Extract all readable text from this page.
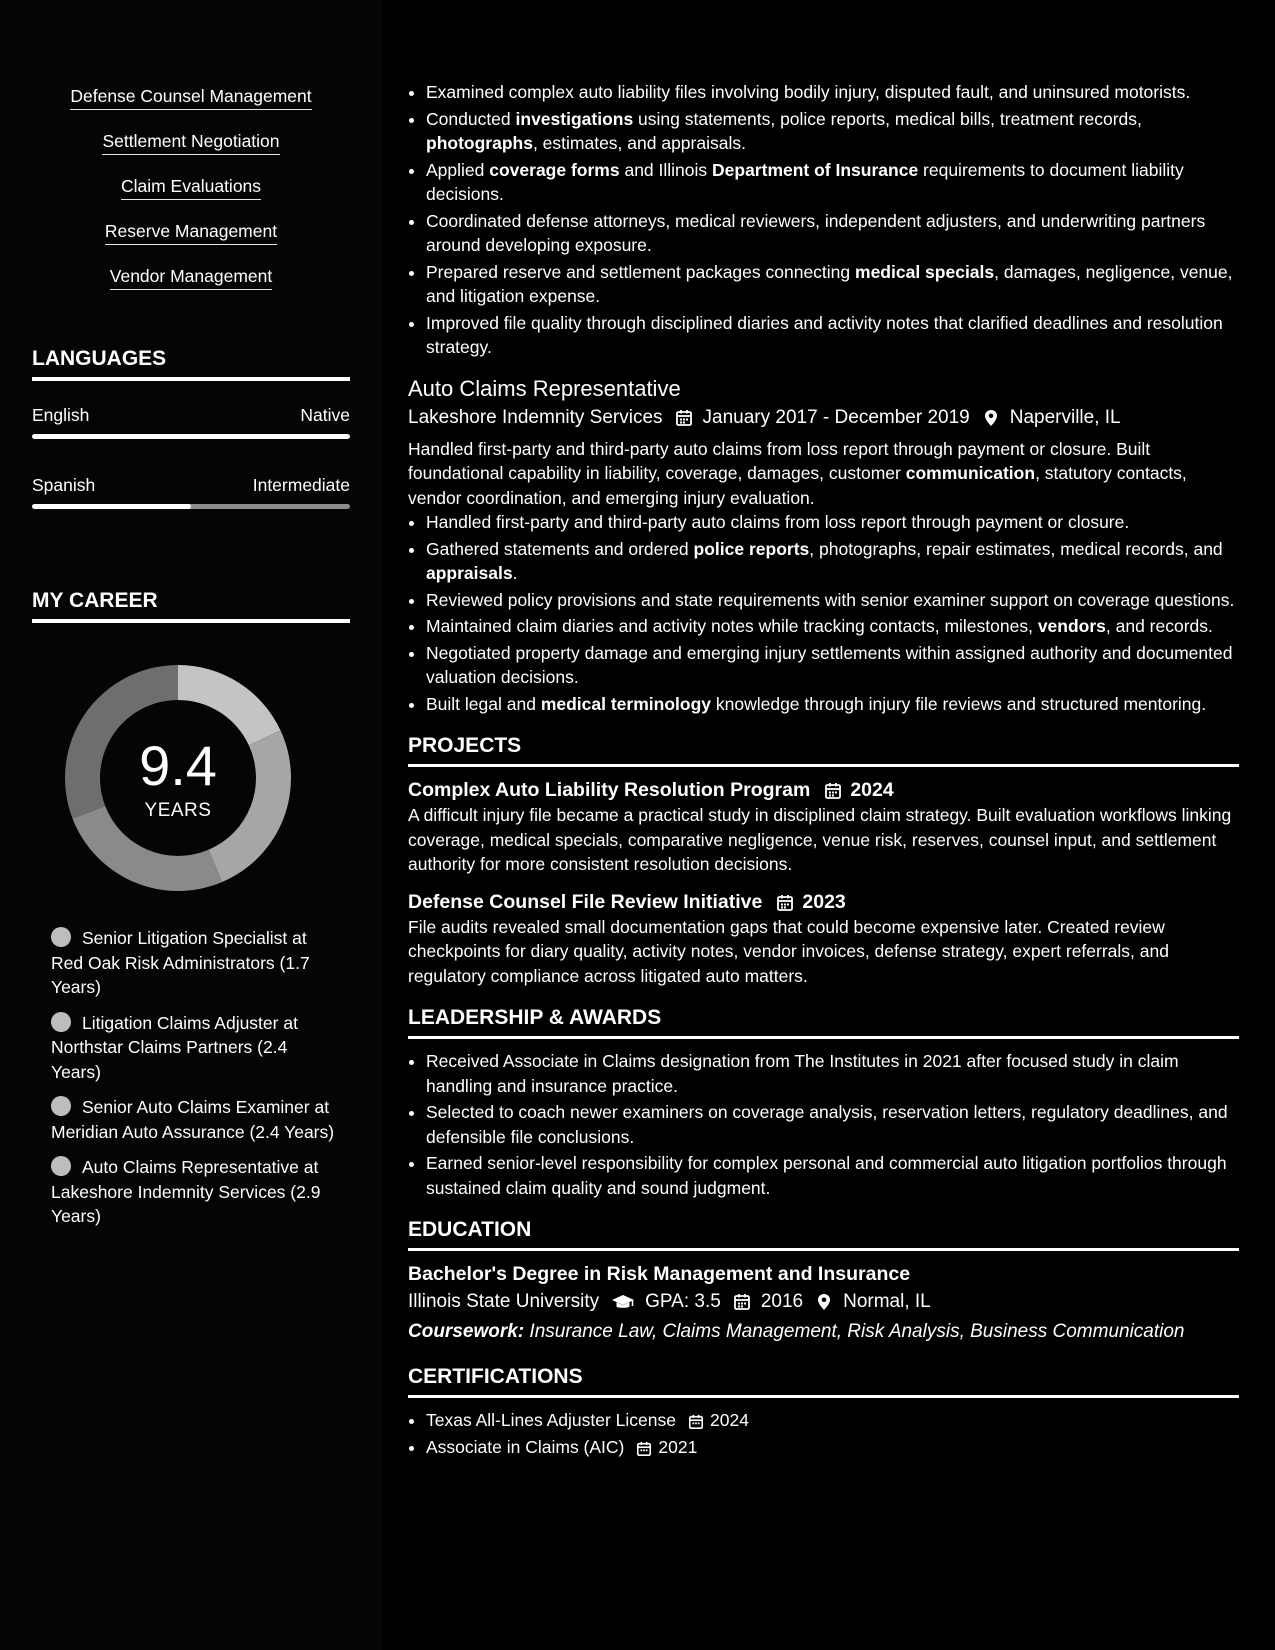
Defense Counsel Management
Settlement Negotiation
Claim Evaluations
Reserve Management
Vendor Management
LANGUAGES
English	Native
Spanish	Intermediate
MY CAREER
9.4
YEARS
Senior Litigation Specialist at Red Oak Risk Administrators (1.7 Years)
Litigation Claims Adjuster at Northstar Claims Partners (2.4 Years)
Senior Auto Claims Examiner at Meridian Auto Assurance (2.4 Years)
Auto Claims Representative at Lakeshore Indemnity Services (2.9 Years)
• Examined complex auto liability files involving bodily injury, disputed fault, and uninsured motorists.
• Conducted investigations using statements, police reports, medical bills, treatment records, photographs, estimates, and appraisals.
• Applied coverage forms and Illinois Department of Insurance requirements to document liability decisions.
• Coordinated defense attorneys, medical reviewers, independent adjusters, and underwriting partners around developing exposure.
• Prepared reserve and settlement packages connecting medical specials, damages, negligence, venue, and litigation expense.
• Improved file quality through disciplined diaries and activity notes that clarified deadlines and resolution strategy.
Auto Claims Representative
Lakeshore Indemnity Services January 2017 - December 2019 Naperville, IL
Handled first-party and third-party auto claims from loss report through payment or closure. Built foundational capability in liability, coverage, damages, customer communication, statutory contacts, vendor coordination, and emerging injury evaluation.
• Handled first-party and third-party auto claims from loss report through payment or closure.
• Gathered statements and ordered police reports, photographs, repair estimates, medical records, and appraisals.
• Reviewed policy provisions and state requirements with senior examiner support on coverage questions.
• Maintained claim diaries and activity notes while tracking contacts, milestones, vendors, and records.
• Negotiated property damage and emerging injury settlements within assigned authority and documented valuation decisions.
• Built legal and medical terminology knowledge through injury file reviews and structured mentoring.
PROJECTS
Complex Auto Liability Resolution Program 2024
A difficult injury file became a practical study in disciplined claim strategy. Built evaluation workflows linking coverage, medical specials, comparative negligence, venue risk, reserves, counsel input, and settlement authority for more consistent resolution decisions.
Defense Counsel File Review Initiative 2023
File audits revealed small documentation gaps that could become expensive later. Created review checkpoints for diary quality, activity notes, vendor invoices, defense strategy, expert referrals, and regulatory compliance across litigated auto matters.
LEADERSHIP & AWARDS
• Received Associate in Claims designation from The Institutes in 2021 after focused study in claim handling and insurance practice.
• Selected to coach newer examiners on coverage analysis, reservation letters, regulatory deadlines, and defensible file conclusions.
• Earned senior-level responsibility for complex personal and commercial auto litigation portfolios through sustained claim quality and sound judgment.
EDUCATION
Bachelor's Degree in Risk Management and Insurance
Illinois State University GPA: 3.5 2016 Normal, IL
Coursework: Insurance Law, Claims Management, Risk Analysis, Business Communication
CERTIFICATIONS
• Texas All-Lines Adjuster License 2024
• Associate in Claims (AIC) 2021
